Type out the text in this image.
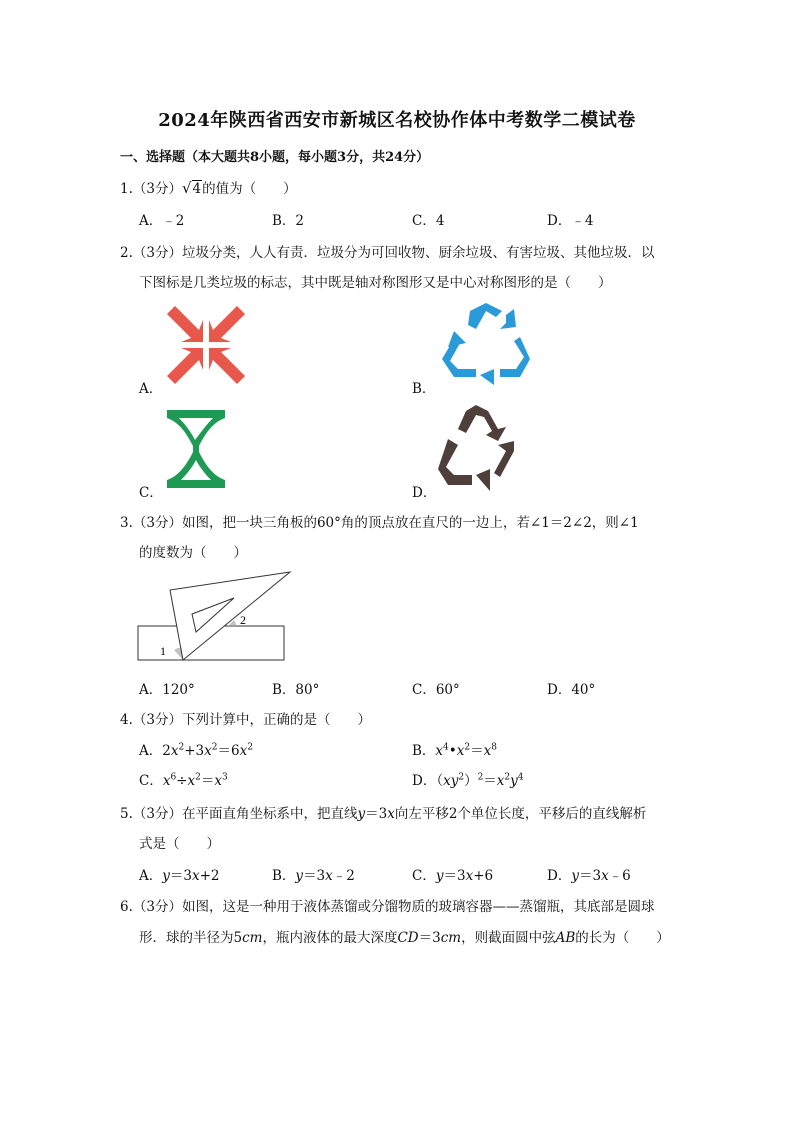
2024年陕西省西安市新城区名校协作体中考数学二模试卷
一、选择题（本大题共8小题，每小题3分，共24分）
1.（3分）√4的值为（　　）
A．﹣2	B．2	C．4	D．﹣4
2.（3分）垃圾分类，人人有责．垃圾分为可回收物、厨余垃圾、有害垃圾、其他垃圾．以
下图标是几类垃圾的标志，其中既是轴对称图形又是中心对称图形的是（　　）
A．	B．
C．	D．
3.（3分）如图，把一块三角板的60°角的顶点放在直尺的一边上，若∠1＝2∠2，则∠1
的度数为（　　）
1
2
A．120°	B．80°	C．60°	D．40°
4.（3分）下列计算中，正确的是（　　）
A．$2x^2+3x^2=6x^2$	B．$x^4•x^2=x^8$
C．$x^6\div x^2=x^3$	D．$(xy^2)^2=x^2y^4$
5.（3分）在平面直角坐标系中，把直线y＝3x向左平移2个单位长度，平移后的直线解析
式是（　　）
A．y＝3x+2	B．y＝3x﹣2	C．y＝3x+6	D．y＝3x﹣6
6.（3分）如图，这是一种用于液体蒸馏或分馏物质的玻璃容器——蒸馏瓶，其底部是圆球
形．球的半径为5cm，瓶内液体的最大深度CD＝3cm，则截面圆中弦AB的长为（　　）
